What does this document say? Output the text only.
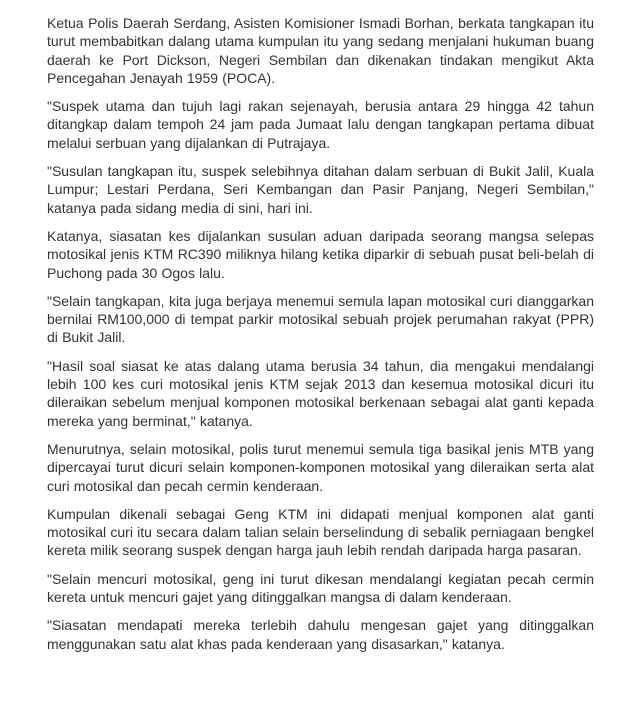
Ketua Polis Daerah Serdang, Asisten Komisioner Ismadi Borhan, berkata tangkapan itu turut membabitkan dalang utama kumpulan itu yang sedang menjalani hukuman buang daerah ke Port Dickson, Negeri Sembilan dan dikenakan tindakan mengikut Akta Pencegahan Jenayah 1959 (POCA).

"Suspek utama dan tujuh lagi rakan sejenayah, berusia antara 29 hingga 42 tahun ditangkap dalam tempoh 24 jam pada Jumaat lalu dengan tangkapan pertama dibuat melalui serbuan yang dijalankan di Putrajaya.

"Susulan tangkapan itu, suspek selebihnya ditahan dalam serbuan di Bukit Jalil, Kuala Lumpur; Lestari Perdana, Seri Kembangan dan Pasir Panjang, Negeri Sembilan," katanya pada sidang media di sini, hari ini.

Katanya, siasatan kes dijalankan susulan aduan daripada seorang mangsa selepas motosikal jenis KTM RC390 miliknya hilang ketika diparkir di sebuah pusat beli-belah di Puchong pada 30 Ogos lalu.

"Selain tangkapan, kita juga berjaya menemui semula lapan motosikal curi dianggarkan bernilai RM100,000 di tempat parkir motosikal sebuah projek perumahan rakyat (PPR) di Bukit Jalil.

"Hasil soal siasat ke atas dalang utama berusia 34 tahun, dia mengakui mendalangi lebih 100 kes curi motosikal jenis KTM sejak 2013 dan kesemua motosikal dicuri itu dileraikan sebelum menjual komponen motosikal berkenaan sebagai alat ganti kepada mereka yang berminat," katanya.

Menurutnya, selain motosikal, polis turut menemui semula tiga basikal jenis MTB yang dipercayai turut dicuri selain komponen-komponen motosikal yang dileraikan serta alat curi motosikal dan pecah cermin kenderaan.

Kumpulan dikenali sebagai Geng KTM ini didapati menjual komponen alat ganti motosikal curi itu secara dalam talian selain berselindung di sebalik perniagaan bengkel kereta milik seorang suspek dengan harga jauh lebih rendah daripada harga pasaran.

"Selain mencuri motosikal, geng ini turut dikesan mendalangi kegiatan pecah cermin kereta untuk mencuri gajet yang ditinggalkan mangsa di dalam kenderaan.

"Siasatan mendapati mereka terlebih dahulu mengesan gajet yang ditinggalkan menggunakan satu alat khas pada kenderaan yang disasarkan," katanya.
